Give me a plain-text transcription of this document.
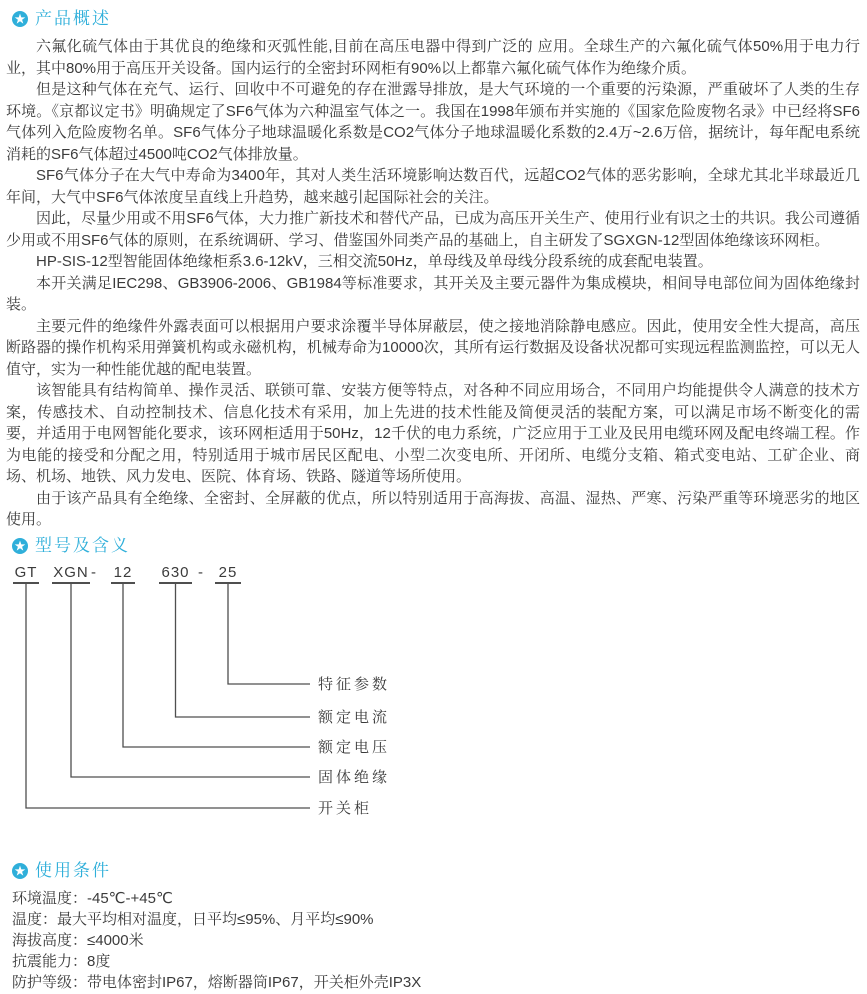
产品概述

六氟化硫气体由于其优良的绝缘和灭弧性能,目前在高压电器中得到广泛的 应用。全球生产的六氟化硫气体50%用于电力行业，其中80%用于高压开关设备。国内运行的全密封环网柜有90%以上都靠六氟化硫气体作为绝缘介质。

但是这种气体在充气、运行、回收中不可避免的存在泄露导排放，是大气环境的一个重要的污染源，严重破坏了人类的生存环境。《京都议定书》明确规定了SF6气体为六种温室气体之一。我国在1998年颁布并实施的《国家危险废物名录》中已经将SF6气体列入危险废物名单。SF6气体分子地球温暖化系数是CO2气体分子地球温暖化系数的2.4万~2.6万倍，据统计，每年配电系统消耗的SF6气体超过4500吨CO2气体排放量。

SF6气体分子在大气中寿命为3400年，其对人类生活环境影响达数百代，远超CO2气体的恶劣影响，全球尤其北半球最近几年间，大气中SF6气体浓度呈直线上升趋势，越来越引起国际社会的关注。

因此，尽量少用或不用SF6气体，大力推广新技术和替代产品，已成为高压开关生产、使用行业有识之士的共识。我公司遵循少用或不用SF6气体的原则，在系统调研、学习、借鉴国外同类产品的基础上，自主研发了SGXGN-12型固体绝缘该环网柜。

HP-SIS-12型智能固体绝缘柜系3.6-12kV，三相交流50Hz，单母线及单母线分段系统的成套配电装置。

本开关满足IEC298、GB3906-2006、GB1984等标准要求，其开关及主要元器件为集成模块，相间导电部位间为固体绝缘封装。

主要元件的绝缘件外露表面可以根据用户要求涂覆半导体屏蔽层，使之接地消除静电感应。因此，使用安全性大提高，高压断路器的操作机构采用弹簧机构或永磁机构，机械寿命为10000次，其所有运行数据及设备状况都可实现远程监测监控，可以无人值守，实为一种性能优越的配电装置。

该智能具有结构简单、操作灵活、联锁可靠、安装方便等特点，对各种不同应用场合，不同用户均能提供令人满意的技术方案，传感技术、自动控制技术、信息化技术有采用，加上先进的技术性能及简便灵活的装配方案，可以满足市场不断变化的需要，并适用于电网智能化要求，该环网柜适用于50Hz，12千伏的电力系统，广泛应用于工业及民用电缆环网及配电终端工程。作为电能的接受和分配之用，特别适用于城市居民区配电、小型二次变电所、开闭所、电缆分支箱、箱式变电站、工矿企业、商场、机场、地铁、风力发电、医院、体育场、铁路、隧道等场所使用。

由于该产品具有全绝缘、全密封、全屏蔽的优点，所以特别适用于高海拔、高温、湿热、严寒、污染严重等环境恶劣的地区使用。

型号及含义
GT XGN - 12 630 - 25
特征参数
额定电流
额定电压
固体绝缘
开关柜
使用条件
环境温度：-45℃-+45℃
温度：最大平均相对温度，日平均≤95%、月平均≤90%
海拔高度：≤4000米
抗震能力：8度
防护等级：带电体密封IP67，熔断器筒IP67，开关柜外壳IP3X
